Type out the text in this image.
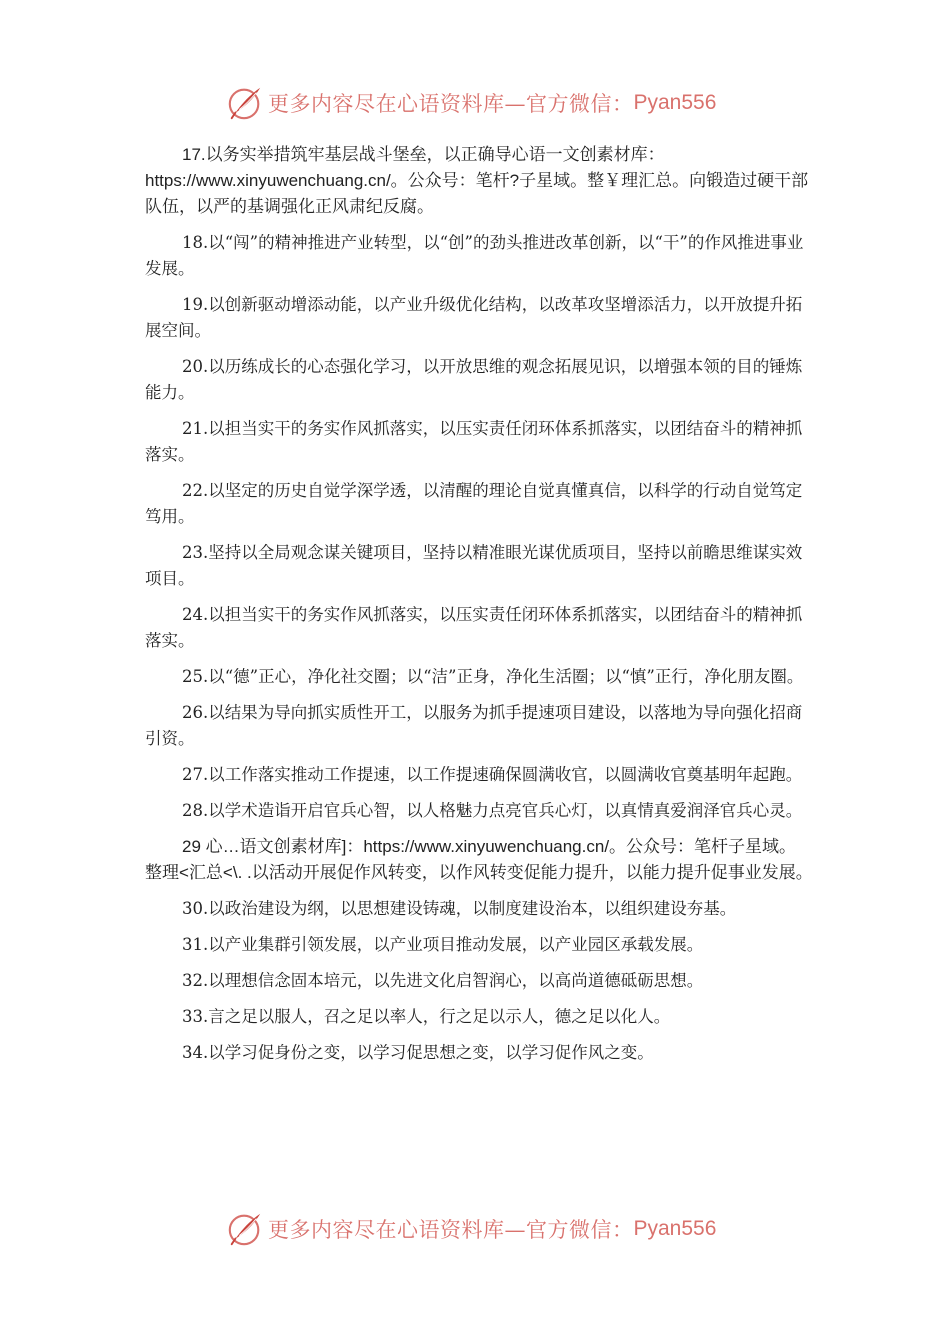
更多内容尽在心语资料库—官方微信： Pyan556

17.以务实举措筑牢基层战斗堡垒，以正确导心语一文创素材库：https://www.xinyuwenchuang.cn/。公众号：笔杆?子星域。整￥理汇总。向锻造过硬干部队伍，以严的基调强化正风肃纪反腐。

18.以“闯”的精神推进产业转型，以“创”的劲头推进改革创新，以“干”的作风推进事业发展。

19.以创新驱动增添动能，以产业升级优化结构，以改革攻坚增添活力，以开放提升拓展空间。

20.以历练成长的心态强化学习，以开放思维的观念拓展见识，以增强本领的目的锤炼能力。

21.以担当实干的务实作风抓落实，以压实责任闭环体系抓落实，以团结奋斗的精神抓落实。

22.以坚定的历史自觉学深学透，以清醒的理论自觉真懂真信，以科学的行动自觉笃定笃用。

23.坚持以全局观念谋关键项目，坚持以精准眼光谋优质项目，坚持以前瞻思维谋实效项目。

24.以担当实干的务实作风抓落实，以压实责任闭环体系抓落实，以团结奋斗的精神抓落实。

25.以“德”正心，净化社交圈；以“洁”正身，净化生活圈；以“慎”正行，净化朋友圈。

26.以结果为导向抓实质性开工，以服务为抓手提速项目建设，以落地为导向强化招商引资。

27.以工作落实推动工作提速，以工作提速确保圆满收官，以圆满收官奠基明年起跑。

28.以学术造诣开启官兵心智，以人格魅力点亮官兵心灯，以真情真爱润泽官兵心灵。

29 心…语文创素材库]：https://www.xinyuwenchuang.cn/。公众号：笔杆子星域。整理<汇总<\. .以活动开展促作风转变，以作风转变促能力提升，以能力提升促事业发展。

30.以政治建设为纲，以思想建设铸魂，以制度建设治本，以组织建设夯基。

31.以产业集群引领发展，以产业项目推动发展，以产业园区承载发展。

32.以理想信念固本培元，以先进文化启智润心，以高尚道德砥砺思想。

33.言之足以服人，召之足以率人，行之足以示人，德之足以化人。

34.以学习促身份之变，以学习促思想之变，以学习促作风之变。

更多内容尽在心语资料库—官方微信： Pyan556
